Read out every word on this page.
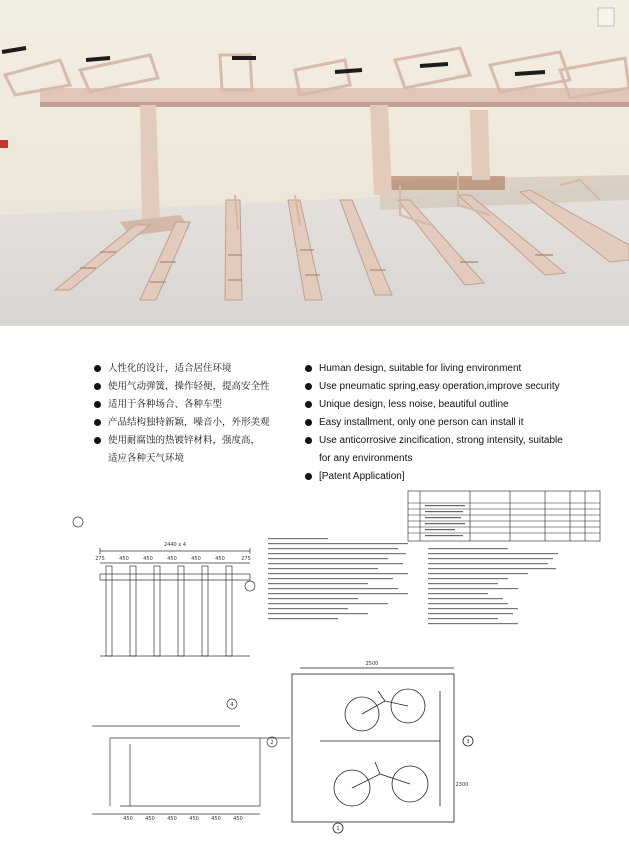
人性化的设计，适合居住环境
使用气动弹簧，操作轻便，提高安全性
适用于各种场合、各种车型
产品结构独特新颖，噪音小，外形美观
使用耐腐蚀的热镀锌材料，强度高，
适应各种天气环境
Human design, suitable for living environment
Use pneumatic spring,easy operation,improve security
Unique design, less noise, beautiful outline
Easy installment, only one person can install it
Use anticorrosive zincification, strong intensity, suitable
for any environments
[Patent Application]
2440 x 4
275	450	450	450	450	450	275
450 450 450 450 450 450
2500
2300
1
2	3
4
